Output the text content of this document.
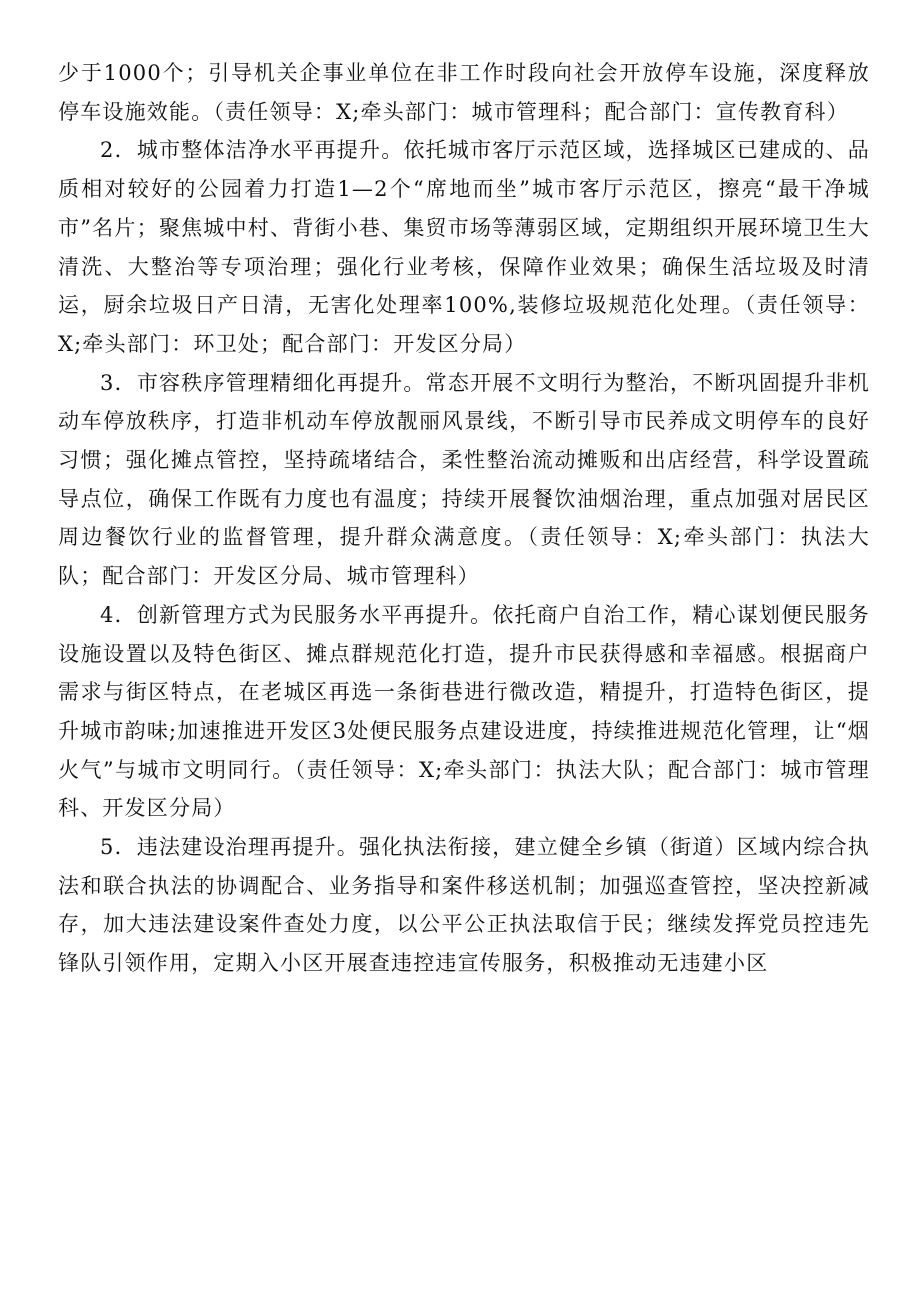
少于1000个；引导机关企事业单位在非工作时段向社会开放停车设施，深度释放停车设施效能。（责任领导：X;牵头部门：城市管理科；配合部门：宣传教育科）

2．城市整体洁净水平再提升。依托城市客厅示范区域，选择城区已建成的、品质相对较好的公园着力打造1—2个“席地而坐”城市客厅示范区，擦亮“最干净城市”名片；聚焦城中村、背街小巷、集贸市场等薄弱区域，定期组织开展环境卫生大清洗、大整治等专项治理；强化行业考核，保障作业效果；确保生活垃圾及时清运，厨余垃圾日产日清，无害化处理率100%,装修垃圾规范化处理。（责任领导：X;牵头部门：环卫处；配合部门：开发区分局）

3．市容秩序管理精细化再提升。常态开展不文明行为整治，不断巩固提升非机动车停放秩序，打造非机动车停放靓丽风景线，不断引导市民养成文明停车的良好习惯；强化摊点管控，坚持疏堵结合，柔性整治流动摊贩和出店经营，科学设置疏导点位，确保工作既有力度也有温度；持续开展餐饮油烟治理，重点加强对居民区周边餐饮行业的监督管理，提升群众满意度。（责任领导：X;牵头部门：执法大队；配合部门：开发区分局、城市管理科）

4．创新管理方式为民服务水平再提升。依托商户自治工作，精心谋划便民服务设施设置以及特色街区、摊点群规范化打造，提升市民获得感和幸福感。根据商户需求与街区特点，在老城区再选一条街巷进行微改造，精提升，打造特色街区，提升城市韵味;加速推进开发区3处便民服务点建设进度，持续推进规范化管理，让“烟火气”与城市文明同行。（责任领导：X;牵头部门：执法大队；配合部门：城市管理科、开发区分局）

5．违法建设治理再提升。强化执法衔接，建立健全乡镇（街道）区域内综合执法和联合执法的协调配合、业务指导和案件移送机制；加强巡查管控，坚决控新减存，加大违法建设案件查处力度，以公平公正执法取信于民；继续发挥党员控违先锋队引领作用，定期入小区开展查违控违宣传服务，积极推动无违建小区
